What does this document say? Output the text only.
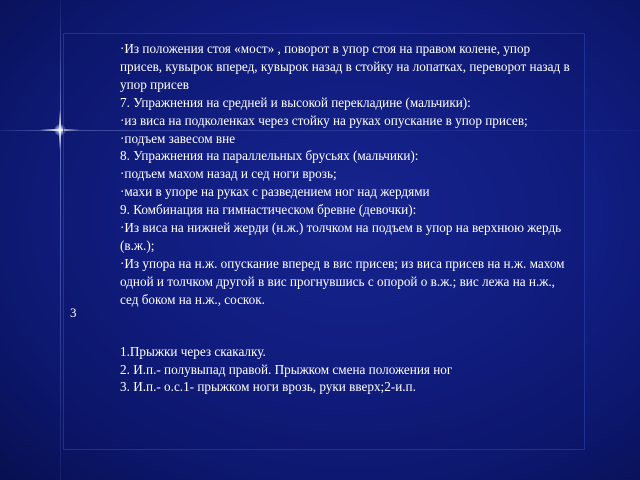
3

·Из положения стоя «мост» , поворот в упор стоя на правом колене, упор присев, кувырок вперед, кувырок назад в стойку на лопатках, переворот назад в упор присев

7. Упражнения на средней и высокой перекладине (мальчики):

·из виса на подколенках через стойку на руках опускание в упор присев;

·подъем завесом вне

8. Упражнения на параллельных брусьях (мальчики):

·подъем махом назад и сед ноги врозь;

·махи в упоре на руках с разведением ног над жердями

9. Комбинация на гимнастическом бревне (девочки):

·Из виса на нижней жерди (н.ж.) толчком на подъем в упор на верхнюю жердь (в.ж.);

·Из упора на н.ж. опускание вперед в вис присев; из виса присев на н.ж. махом одной и толчком другой в вис прогнувшись с опорой о в.ж.; вис лежа на н.ж., сед боком на н.ж., соскок.

1.Прыжки через скакалку.

2. И.п.- полувыпад правой. Прыжком смена положения ног

3. И.п.- о.с.1- прыжком ноги врозь, руки вверх;2-и.п.
